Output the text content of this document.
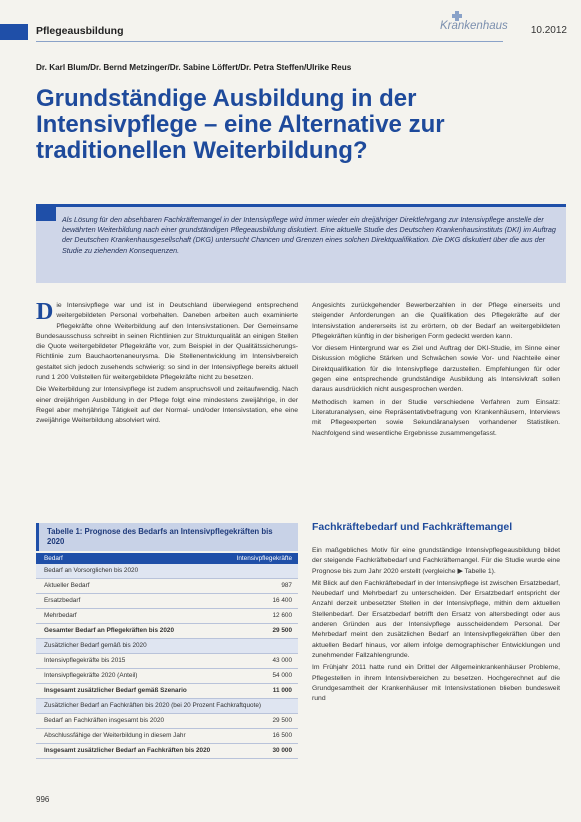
Pflegeausbildung	Krankenhaus 10.2012
Dr. Karl Blum/Dr. Bernd Metzinger/Dr. Sabine Löffert/Dr. Petra Steffen/Ulrike Reus
Grundständige Ausbildung in der
Intensivpflege – eine Alternative zur
traditionellen Weiterbildung?
Als Lösung für den absehbaren Fachkräftemangel in der Intensivpflege wird immer wieder ein dreijähriger Direktlehrgang zur Intensivpflege anstelle der bewährten Weiterbildung nach einer grundständigen Pflegeausbildung diskutiert. Eine aktuelle Studie des Deutschen Krankenhausinstituts (DKI) im Auftrag der Deutschen Krankenhausgesellschaft (DKG) untersucht Chancen und Grenzen eines solchen Direktqualifikation. Die DKG diskutiert über die aus der Studie zu ziehenden Konsequenzen.

Die Intensivpflege war und ist in Deutschland überwiegend entsprechend weitergebildeten Personal vorbehalten. Daneben arbeiten auch examinierte Pflegekräfte ohne Weiterbildung auf den Intensivstationen. Der Gemeinsame Bundesausschuss schreibt in seinen Richtlinien zur Strukturqualität an einigen Stellen die Quote weitergebildeter Pflegekräfte vor, zum Beispiel in der Qualitätssicherungs-Richtlinie zum Bauchaortenaneurysma. Die Stellenentwicklung im Intensivbereich gestaltet sich jedoch zusehends schwierig: so sind in der Intensivpflege bereits aktuell rund 1 200 Vollstellen für weitergebildete Pflegekräfte nicht zu besetzen.

Die Weiterbildung zur Intensivpflege ist zudem anspruchsvoll und zeitaufwendig. Nach einer dreijährigen Ausbildung in der Pflege folgt eine mindestens zweijährige, in der Regel aber mehrjährige Tätigkeit auf der Normal- und/oder Intensivstation, ehe eine zweijährige Weiterbildung absolviert wird.

Angesichts zurückgehender Bewerberzahlen in der Pflege einerseits und steigender Anforderungen an die Qualifikation des Pflegekräfte auf der Intensivstation andererseits ist zu erörtern, ob der Bedarf an weitergebildeten Pflegekräften künftig in der bisherigen Form gedeckt werden kann.

Vor diesem Hintergrund war es Ziel und Auftrag der DKI-Studie, im Sinne einer Diskussion mögliche Stärken und Schwächen sowie Vor- und Nachteile einer Direktqualifikation für die Intensivpflege darzustellen. Empfehlungen für oder gegen eine entsprechende grundständige Ausbildung als Intensivkraft sollen daraus ausdrücklich nicht ausgesprochen werden.

Methodisch kamen in der Studie verschiedene Verfahren zum Einsatz: Literaturanalysen, eine Repräsentativbefragung von Krankenhäusern, Interviews mit Pflegeexperten sowie Sekundäranalysen vorhandener Statistiken. Nachfolgend sind wesentliche Ergebnisse zusammengefasst.

Fachkräftebedarf und Fachkräftemangel

Ein maßgebliches Motiv für eine grundständige Intensivpflegeausbildung bildet der steigende Fachkräftebedarf und Fachkräftemangel. Für die Studie wurde eine Prognose bis zum Jahr 2020 erstellt (vergleiche ▶ Tabelle 1).

Mit Blick auf den Fachkräftebedarf in der Intensivpflege ist zwischen Ersatzbedarf, Neubedarf und Mehrbedarf zu unterscheiden. Der Ersatzbedarf entspricht der Anzahl derzeit unbesetzter Stellen in der Intensivpflege, mithin dem aktuellen Stellenbedarf. Der Ersatzbedarf betrifft den Ersatz von altersbedingt oder aus anderen Gründen aus der Intensivpflege ausscheidendem Personal. Der Mehrbedarf meint den zusätzlichen Bedarf an Intensivpflegekräften über den aktuellen Bedarf hinaus, vor allem infolge demographischer Entwicklungen und zunehmender Fallzahlengrunde.

Im Frühjahr 2011 hatte rund ein Drittel der Allgemeinkrankenhäuser Probleme, Pflegestellen in ihrem Intensivbereichen zu besetzen. Hochgerechnet auf die Grundgesamtheit der Krankenhäuser mit Intensivstationen blieben bundesweit rund

Tabelle 1: Prognose des Bedarfs an Intensivpflegekräften bis 2020
Bedarf	Intensivpflegekräfte
Bedarf an Vorsorglichen bis 2020
Aktueller Bedarf	987
Ersatzbedarf	16 400
Mehrbedarf	12 600
Gesamter Bedarf an Pflegekräften bis 2020	29 500
Zusätzlicher Bedarf gemäß bis 2020
Intensivpflegekräfte bis 2015	43 000
Intensivpflegekräfte 2020 (Anteil)	54 000
Insgesamt zusätzlicher Bedarf gemäß Szenario	11 000
Zusätzlicher Bedarf an Fachkräften bis 2020 (bei 20 Prozent Fachkraftquote)
Bedarf an Fachkräften insgesamt bis 2020	29 500
Abschlussfähige der Weiterbildung in diesem Jahr	16 500
Insgesamt zusätzlicher Bedarf an Fachkräften bis 2020	30 000
996
